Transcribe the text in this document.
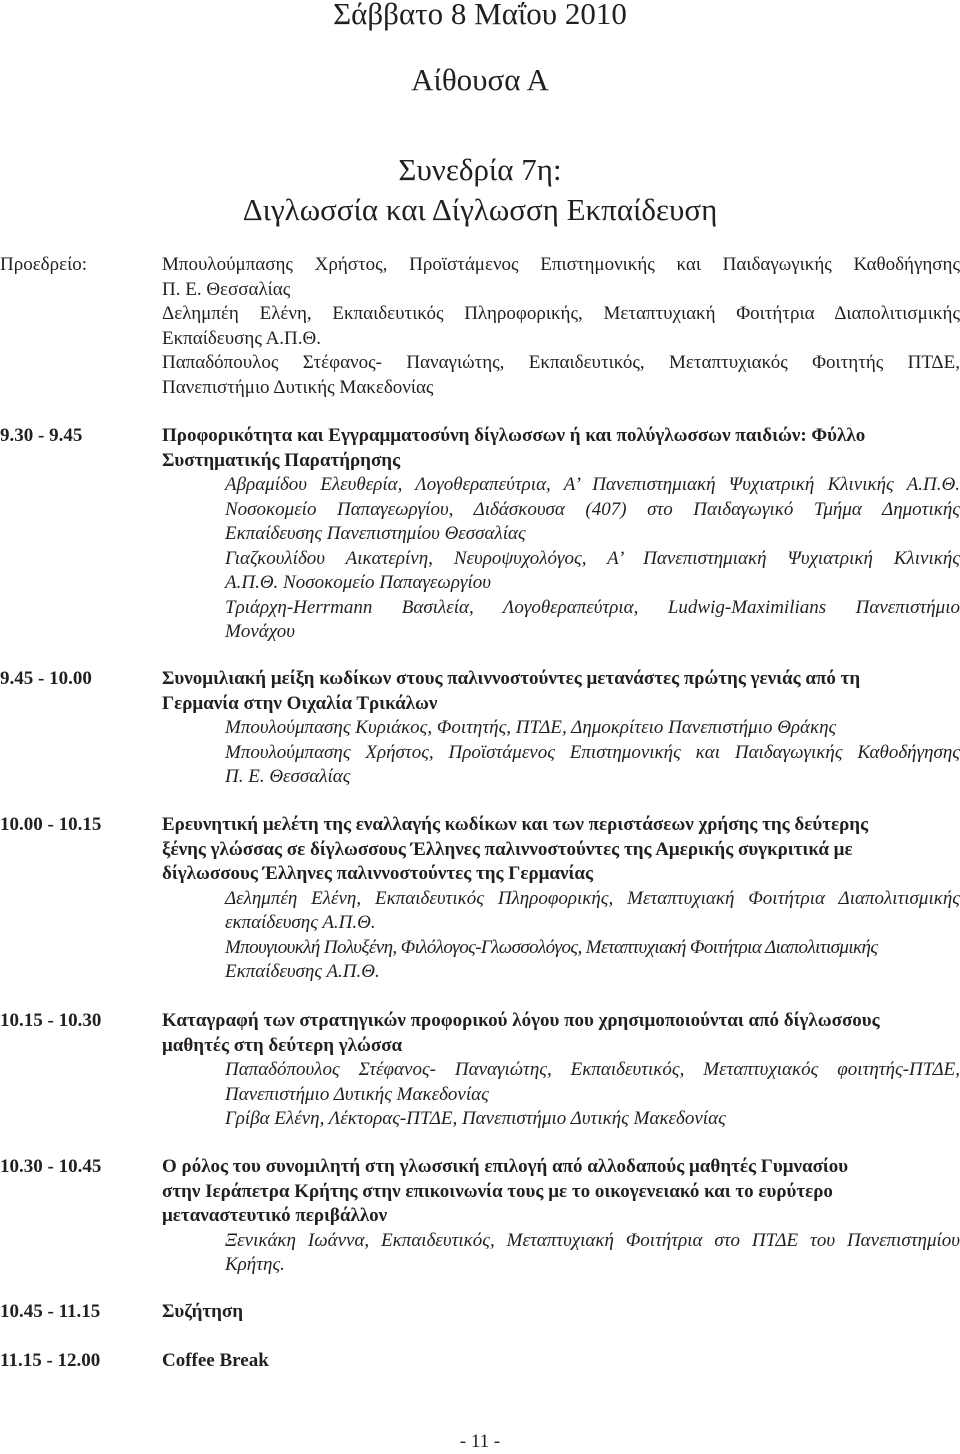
Σάββατο 8 Μαΐου 2010
Αίθουσα Α
Συνεδρία 7η:
Διγλωσσία και Δίγλωσση Εκπαίδευση
Προεδρείο:	Μπουλούμπασης Χρήστος, Προϊστάμενος Επιστημονικής και Παιδαγωγικής Καθοδήγησης
Π. Ε. Θεσσαλίας
Δελημπέη Ελένη, Εκπαιδευτικός Πληροφορικής, Μεταπτυχιακή Φοιτήτρια Διαπολιτισμικής
Εκπαίδευσης Α.Π.Θ.
Παπαδόπουλος Στέφανος- Παναγιώτης, Εκπαιδευτικός, Μεταπτυχιακός Φοιτητής ΠΤΔΕ,
Πανεπιστήμιο Δυτικής Μακεδονίας
9.30 - 9.45	Προφορικότητα και Εγγραμματοσύνη δίγλωσσων ή και πολύγλωσσων παιδιών: Φύλλο
Συστηματικής Παρατήρησης
Αβραμίδου Ελευθερία, Λογοθεραπεύτρια, Α’ Πανεπιστημιακή Ψυχιατρική Κλινικής Α.Π.Θ.
Νοσοκομείο Παπαγεωργίου, Διδάσκουσα (407) στο Παιδαγωγικό Τμήμα Δημοτικής
Εκπαίδευσης Πανεπιστημίου Θεσσαλίας
Γιαζκουλίδου Αικατερίνη, Νευροψυχολόγος, Α’ Πανεπιστημιακή Ψυχιατρική Κλινικής
Α.Π.Θ. Νοσοκομείο Παπαγεωργίου
Τριάρχη-Herrmann Βασιλεία, Λογοθεραπεύτρια, Ludwig-Maximilians Πανεπιστήμιο
Μονάχου
9.45 - 10.00	Συνομιλιακή μείξη κωδίκων στους παλιννοστούντες μετανάστες πρώτης γενιάς από τη
Γερμανία στην Οιχαλία Τρικάλων
Μπουλούμπασης Κυριάκος, Φοιτητής, ΠΤΔΕ, Δημοκρίτειο Πανεπιστήμιο Θράκης
Μπουλούμπασης Χρήστος, Προϊστάμενος Επιστημονικής και Παιδαγωγικής Καθοδήγησης
Π. Ε. Θεσσαλίας
10.00 - 10.15	Ερευνητική μελέτη της εναλλαγής κωδίκων και των περιστάσεων χρήσης της δεύτερης
ξένης γλώσσας σε δίγλωσσους Έλληνες παλιννοστούντες της Αμερικής συγκριτικά με
δίγλωσσους Έλληνες παλιννοστούντες της Γερμανίας
Δελημπέη Ελένη, Εκπαιδευτικός Πληροφορικής, Μεταπτυχιακή Φοιτήτρια Διαπολιτισμικής
εκπαίδευσης Α.Π.Θ.
Μπουγιουκλή Πολυξένη, Φιλόλογος-Γλωσσολόγος, Μεταπτυχιακή Φοιτήτρια Διαπολιτισμικής
Εκπαίδευσης Α.Π.Θ.
10.15 - 10.30	Καταγραφή των στρατηγικών προφορικού λόγου που χρησιμοποιούνται από δίγλωσσους
μαθητές στη δεύτερη γλώσσα
Παπαδόπουλος Στέφανος- Παναγιώτης, Εκπαιδευτικός, Μεταπτυχιακός φοιτητής-ΠΤΔΕ,
Πανεπιστήμιο Δυτικής Μακεδονίας
Γρίβα Ελένη, Λέκτορας-ΠΤΔΕ, Πανεπιστήμιο Δυτικής Μακεδονίας
10.30 - 10.45	Ο ρόλος του συνομιλητή στη γλωσσική επιλογή από αλλοδαπούς μαθητές Γυμνασίου
στην Ιεράπετρα Κρήτης στην επικοινωνία τους με το οικογενειακό και το ευρύτερο
μεταναστευτικό περιβάλλον
Ξενικάκη Ιωάννα, Εκπαιδευτικός, Μεταπτυχιακή Φοιτήτρια στο ΠΤΔΕ του Πανεπιστημίου
Κρήτης.
10.45 - 11.15	Συζήτηση
11.15 - 12.00	Coffee Break
- 11 -
